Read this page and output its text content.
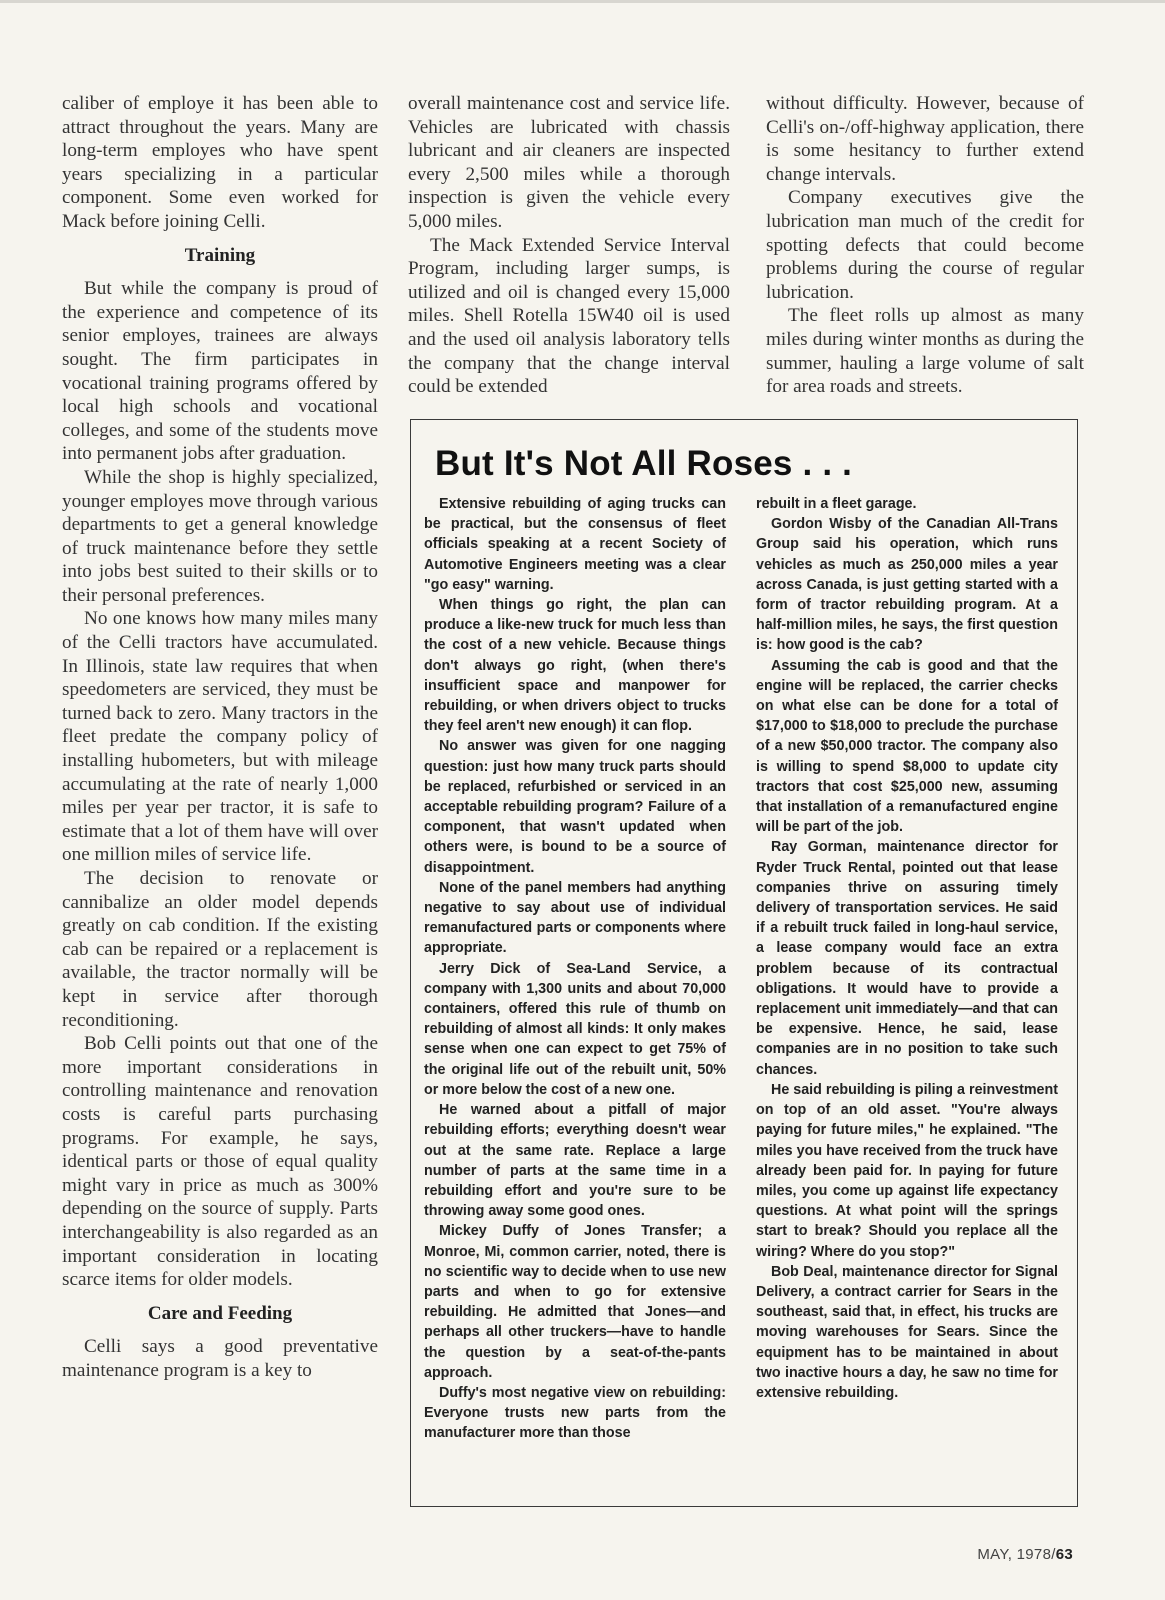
caliber of employe it has been able to attract throughout the years. Many are long-term employes who have spent years specializing in a particular component. Some even worked for Mack before joining Celli.

Training

But while the company is proud of the experience and competence of its senior employes, trainees are always sought. The firm participates in vocational training programs offered by local high schools and vocational colleges, and some of the students move into permanent jobs after graduation.

While the shop is highly specialized, younger employes move through various departments to get a general knowledge of truck maintenance before they settle into jobs best suited to their skills or to their personal preferences.

No one knows how many miles many of the Celli tractors have accumulated. In Illinois, state law requires that when speedometers are serviced, they must be turned back to zero. Many tractors in the fleet predate the company policy of installing hubometers, but with mileage accumulating at the rate of nearly 1,000 miles per year per tractor, it is safe to estimate that a lot of them have will over one million miles of service life.

The decision to renovate or cannibalize an older model depends greatly on cab condition. If the existing cab can be repaired or a replacement is available, the tractor normally will be kept in service after thorough reconditioning.

Bob Celli points out that one of the more important considerations in controlling maintenance and renovation costs is careful parts purchasing programs. For example, he says, identical parts or those of equal quality might vary in price as much as 300% depending on the source of supply. Parts interchangeability is also regarded as an important consideration in locating scarce items for older models.

Care and Feeding

Celli says a good preventative maintenance program is a key to

overall maintenance cost and service life. Vehicles are lubricated with chassis lubricant and air cleaners are inspected every 2,500 miles while a thorough inspection is given the vehicle every 5,000 miles.

The Mack Extended Service Interval Program, including larger sumps, is utilized and oil is changed every 15,000 miles. Shell Rotella 15W40 oil is used and the used oil analysis laboratory tells the company that the change interval could be extended

without difficulty. However, because of Celli's on-/off-highway application, there is some hesitancy to further extend change intervals.

Company executives give the lubrication man much of the credit for spotting defects that could become problems during the course of regular lubrication.

The fleet rolls up almost as many miles during winter months as during the summer, hauling a large volume of salt for area roads and streets.

But It's Not All Roses . . .

Extensive rebuilding of aging trucks can be practical, but the consensus of fleet officials speaking at a recent Society of Automotive Engineers meeting was a clear "go easy" warning.

When things go right, the plan can produce a like-new truck for much less than the cost of a new vehicle. Because things don't always go right, (when there's insufficient space and manpower for rebuilding, or when drivers object to trucks they feel aren't new enough) it can flop.

No answer was given for one nagging question: just how many truck parts should be replaced, refurbished or serviced in an acceptable rebuilding program? Failure of a component, that wasn't updated when others were, is bound to be a source of disappointment.

None of the panel members had anything negative to say about use of individual remanufactured parts or components where appropriate.

Jerry Dick of Sea-Land Service, a company with 1,300 units and about 70,000 containers, offered this rule of thumb on rebuilding of almost all kinds: It only makes sense when one can expect to get 75% of the original life out of the rebuilt unit, 50% or more below the cost of a new one.

He warned about a pitfall of major rebuilding efforts; everything doesn't wear out at the same rate. Replace a large number of parts at the same time in a rebuilding effort and you're sure to be throwing away some good ones.

Mickey Duffy of Jones Transfer; a Monroe, Mi, common carrier, noted, there is no scientific way to decide when to use new parts and when to go for extensive rebuilding. He admitted that Jones—and perhaps all other truckers—have to handle the question by a seat-of-the-pants approach.

Duffy's most negative view on rebuilding: Everyone trusts new parts from the manufacturer more than those

rebuilt in a fleet garage.

Gordon Wisby of the Canadian All-Trans Group said his operation, which runs vehicles as much as 250,000 miles a year across Canada, is just getting started with a form of tractor rebuilding program. At a half-million miles, he says, the first question is: how good is the cab?

Assuming the cab is good and that the engine will be replaced, the carrier checks on what else can be done for a total of $17,000 to $18,000 to preclude the purchase of a new $50,000 tractor. The company also is willing to spend $8,000 to update city tractors that cost $25,000 new, assuming that installation of a remanufactured engine will be part of the job.

Ray Gorman, maintenance director for Ryder Truck Rental, pointed out that lease companies thrive on assuring timely delivery of transportation services. He said if a rebuilt truck failed in long-haul service, a lease company would face an extra problem because of its contractual obligations. It would have to provide a replacement unit immediately—and that can be expensive. Hence, he said, lease companies are in no position to take such chances.

He said rebuilding is piling a reinvestment on top of an old asset. "You're always paying for future miles," he explained. "The miles you have received from the truck have already been paid for. In paying for future miles, you come up against life expectancy questions. At what point will the springs start to break? Should you replace all the wiring? Where do you stop?"

Bob Deal, maintenance director for Signal Delivery, a contract carrier for Sears in the southeast, said that, in effect, his trucks are moving warehouses for Sears. Since the equipment has to be maintained in about two inactive hours a day, he saw no time for extensive rebuilding.

MAY, 1978/63
